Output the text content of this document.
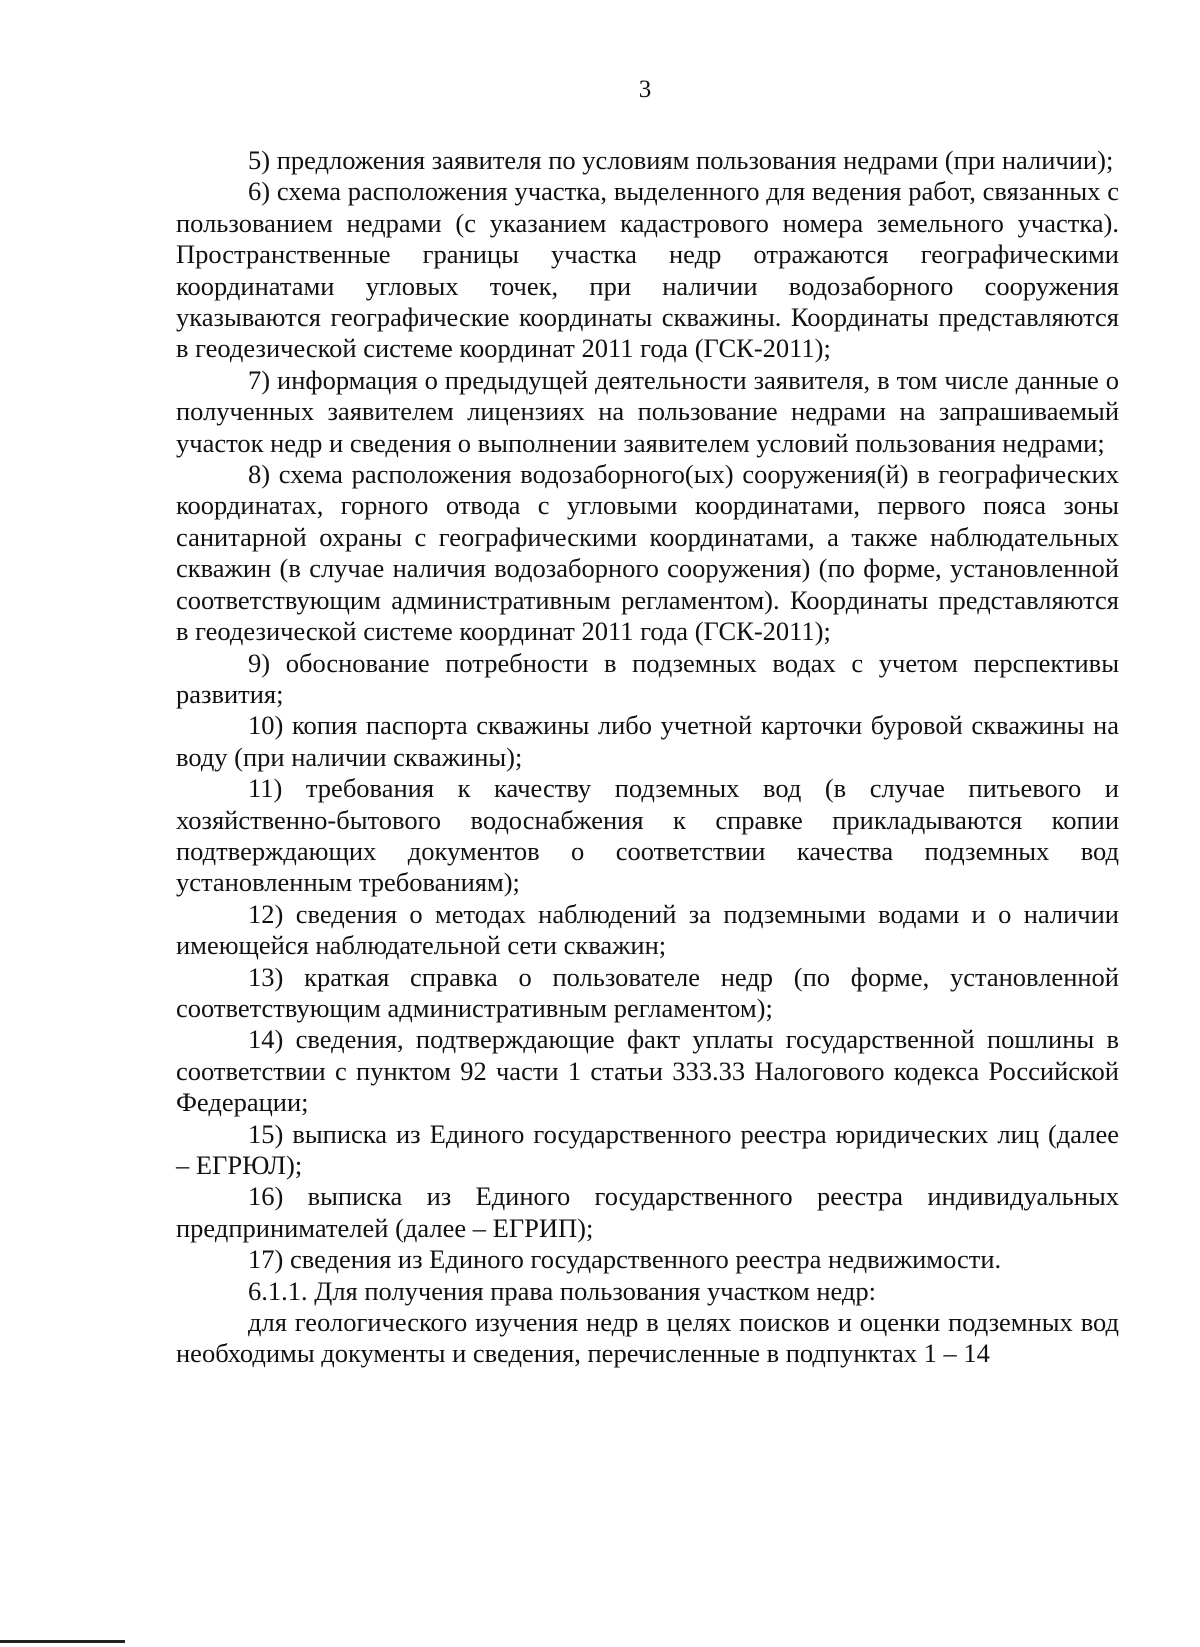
3

5) предложения заявителя по условиям пользования недрами (при наличии);

6) схема расположения участка, выделенного для ведения работ, связанных с пользованием недрами (с указанием кадастрового номера земельного участка). Пространственные границы участка недр отражаются географическими координатами угловых точек, при наличии водозаборного сооружения указываются географические координаты скважины. Координаты представляются в геодезической системе координат 2011 года (ГСК-2011);

7) информация о предыдущей деятельности заявителя, в том числе данные о полученных заявителем лицензиях на пользование недрами на запрашиваемый участок недр и сведения о выполнении заявителем условий пользования недрами;

8) схема расположения водозаборного(ых) сооружения(й) в географических координатах, горного отвода с угловыми координатами, первого пояса зоны санитарной охраны с географическими координатами, а также наблюдательных скважин (в случае наличия водозаборного сооружения) (по форме, установленной соответствующим административным регламентом). Координаты представляются в геодезической системе координат 2011 года (ГСК-2011);

9) обоснование потребности в подземных водах с учетом перспективы развития;

10) копия паспорта скважины либо учетной карточки буровой скважины на воду (при наличии скважины);

11) требования к качеству подземных вод (в случае питьевого и хозяйственно-бытового водоснабжения к справке прикладываются копии подтверждающих документов о соответствии качества подземных вод установленным требованиям);

12) сведения о методах наблюдений за подземными водами и о наличии имеющейся наблюдательной сети скважин;

13) краткая справка о пользователе недр (по форме, установленной соответствующим административным регламентом);

14) сведения, подтверждающие факт уплаты государственной пошлины в соответствии с пунктом 92 части 1 статьи 333.33 Налогового кодекса Российской Федерации;

15) выписка из Единого государственного реестра юридических лиц (далее – ЕГРЮЛ);

16) выписка из Единого государственного реестра индивидуальных предпринимателей (далее – ЕГРИП);

17) сведения из Единого государственного реестра недвижимости.

6.1.1. Для получения права пользования участком недр:

для геологического изучения недр в целях поисков и оценки подземных вод необходимы документы и сведения, перечисленные в подпунктах 1 – 14
